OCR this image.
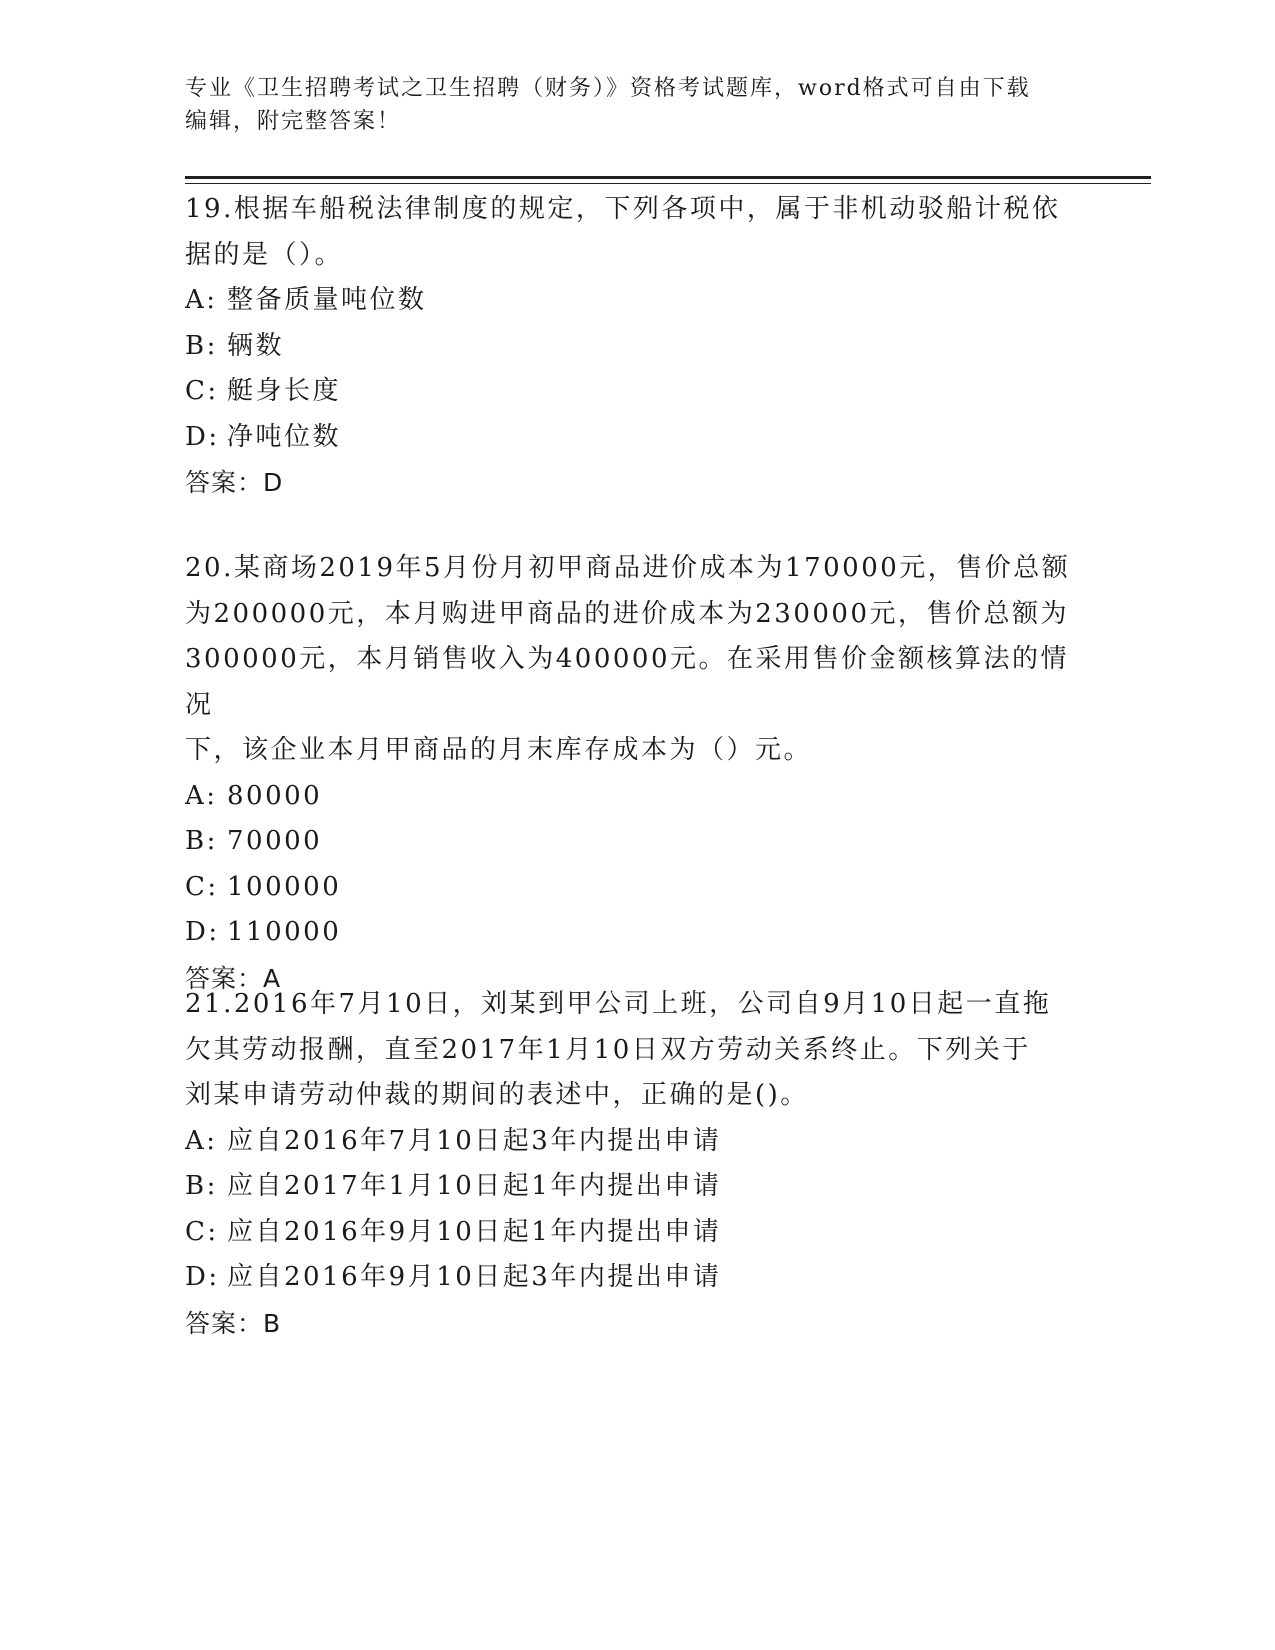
专业《卫生招聘考试之卫生招聘（财务）》资格考试题库，word格式可自由下载
编辑，附完整答案！

19.根据车船税法律制度的规定，下列各项中，属于非机动驳船计税依

据的是（）。

A: 整备质量吨位数

B: 辆数

C: 艇身长度

D: 净吨位数

答案：D

20.某商场2019年5月份月初甲商品进价成本为170000元，售价总额

为200000元，本月购进甲商品的进价成本为230000元，售价总额为

300000元，本月销售收入为400000元。在采用售价金额核算法的情况

下，该企业本月甲商品的月末库存成本为（）元。

A: 80000

B: 70000

C: 100000

D: 110000

答案：A

21.2016年7月10日，刘某到甲公司上班，公司自9月10日起一直拖

欠其劳动报酬，直至2017年1月10日双方劳动关系终止。下列关于

刘某申请劳动仲裁的期间的表述中，正确的是()。

A: 应自2016年7月10日起3年内提出申请

B: 应自2017年1月10日起1年内提出申请

C: 应自2016年9月10日起1年内提出申请

D: 应自2016年9月10日起3年内提出申请

答案：B
